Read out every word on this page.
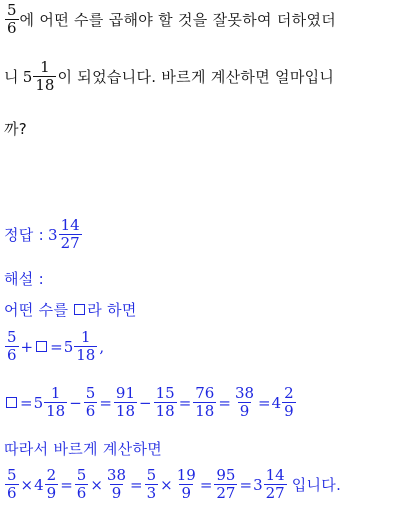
$\frac{5}{6}$ 에 어떤 수를 곱해야 할 것을 잘못하여 더하였더
니 $5 \frac{1}{18}$ 이 되었습니다. 바르게 계산하면 얼마입니
까?
정답 : $3 \frac{14}{27}$
해설 :
어떤 수를 라 하면
$\frac{5}{6}$ + = $5 \frac{1}{18}$ ,
= $5 \frac{1}{18} - \frac{5}{6} = \frac{91}{18} - \frac{15}{18} = \frac{76}{18} = \frac{38}{9} = 4 \frac{2}{9}$
따라서 바르게 계산하면
$\frac{5}{6} \times 4 \frac{2}{9} = \frac{5}{6} \times \frac{38}{9} = \frac{5}{3} \times \frac{19}{9} = \frac{95}{27} = 3 \frac{14}{27}$ 입니다.
